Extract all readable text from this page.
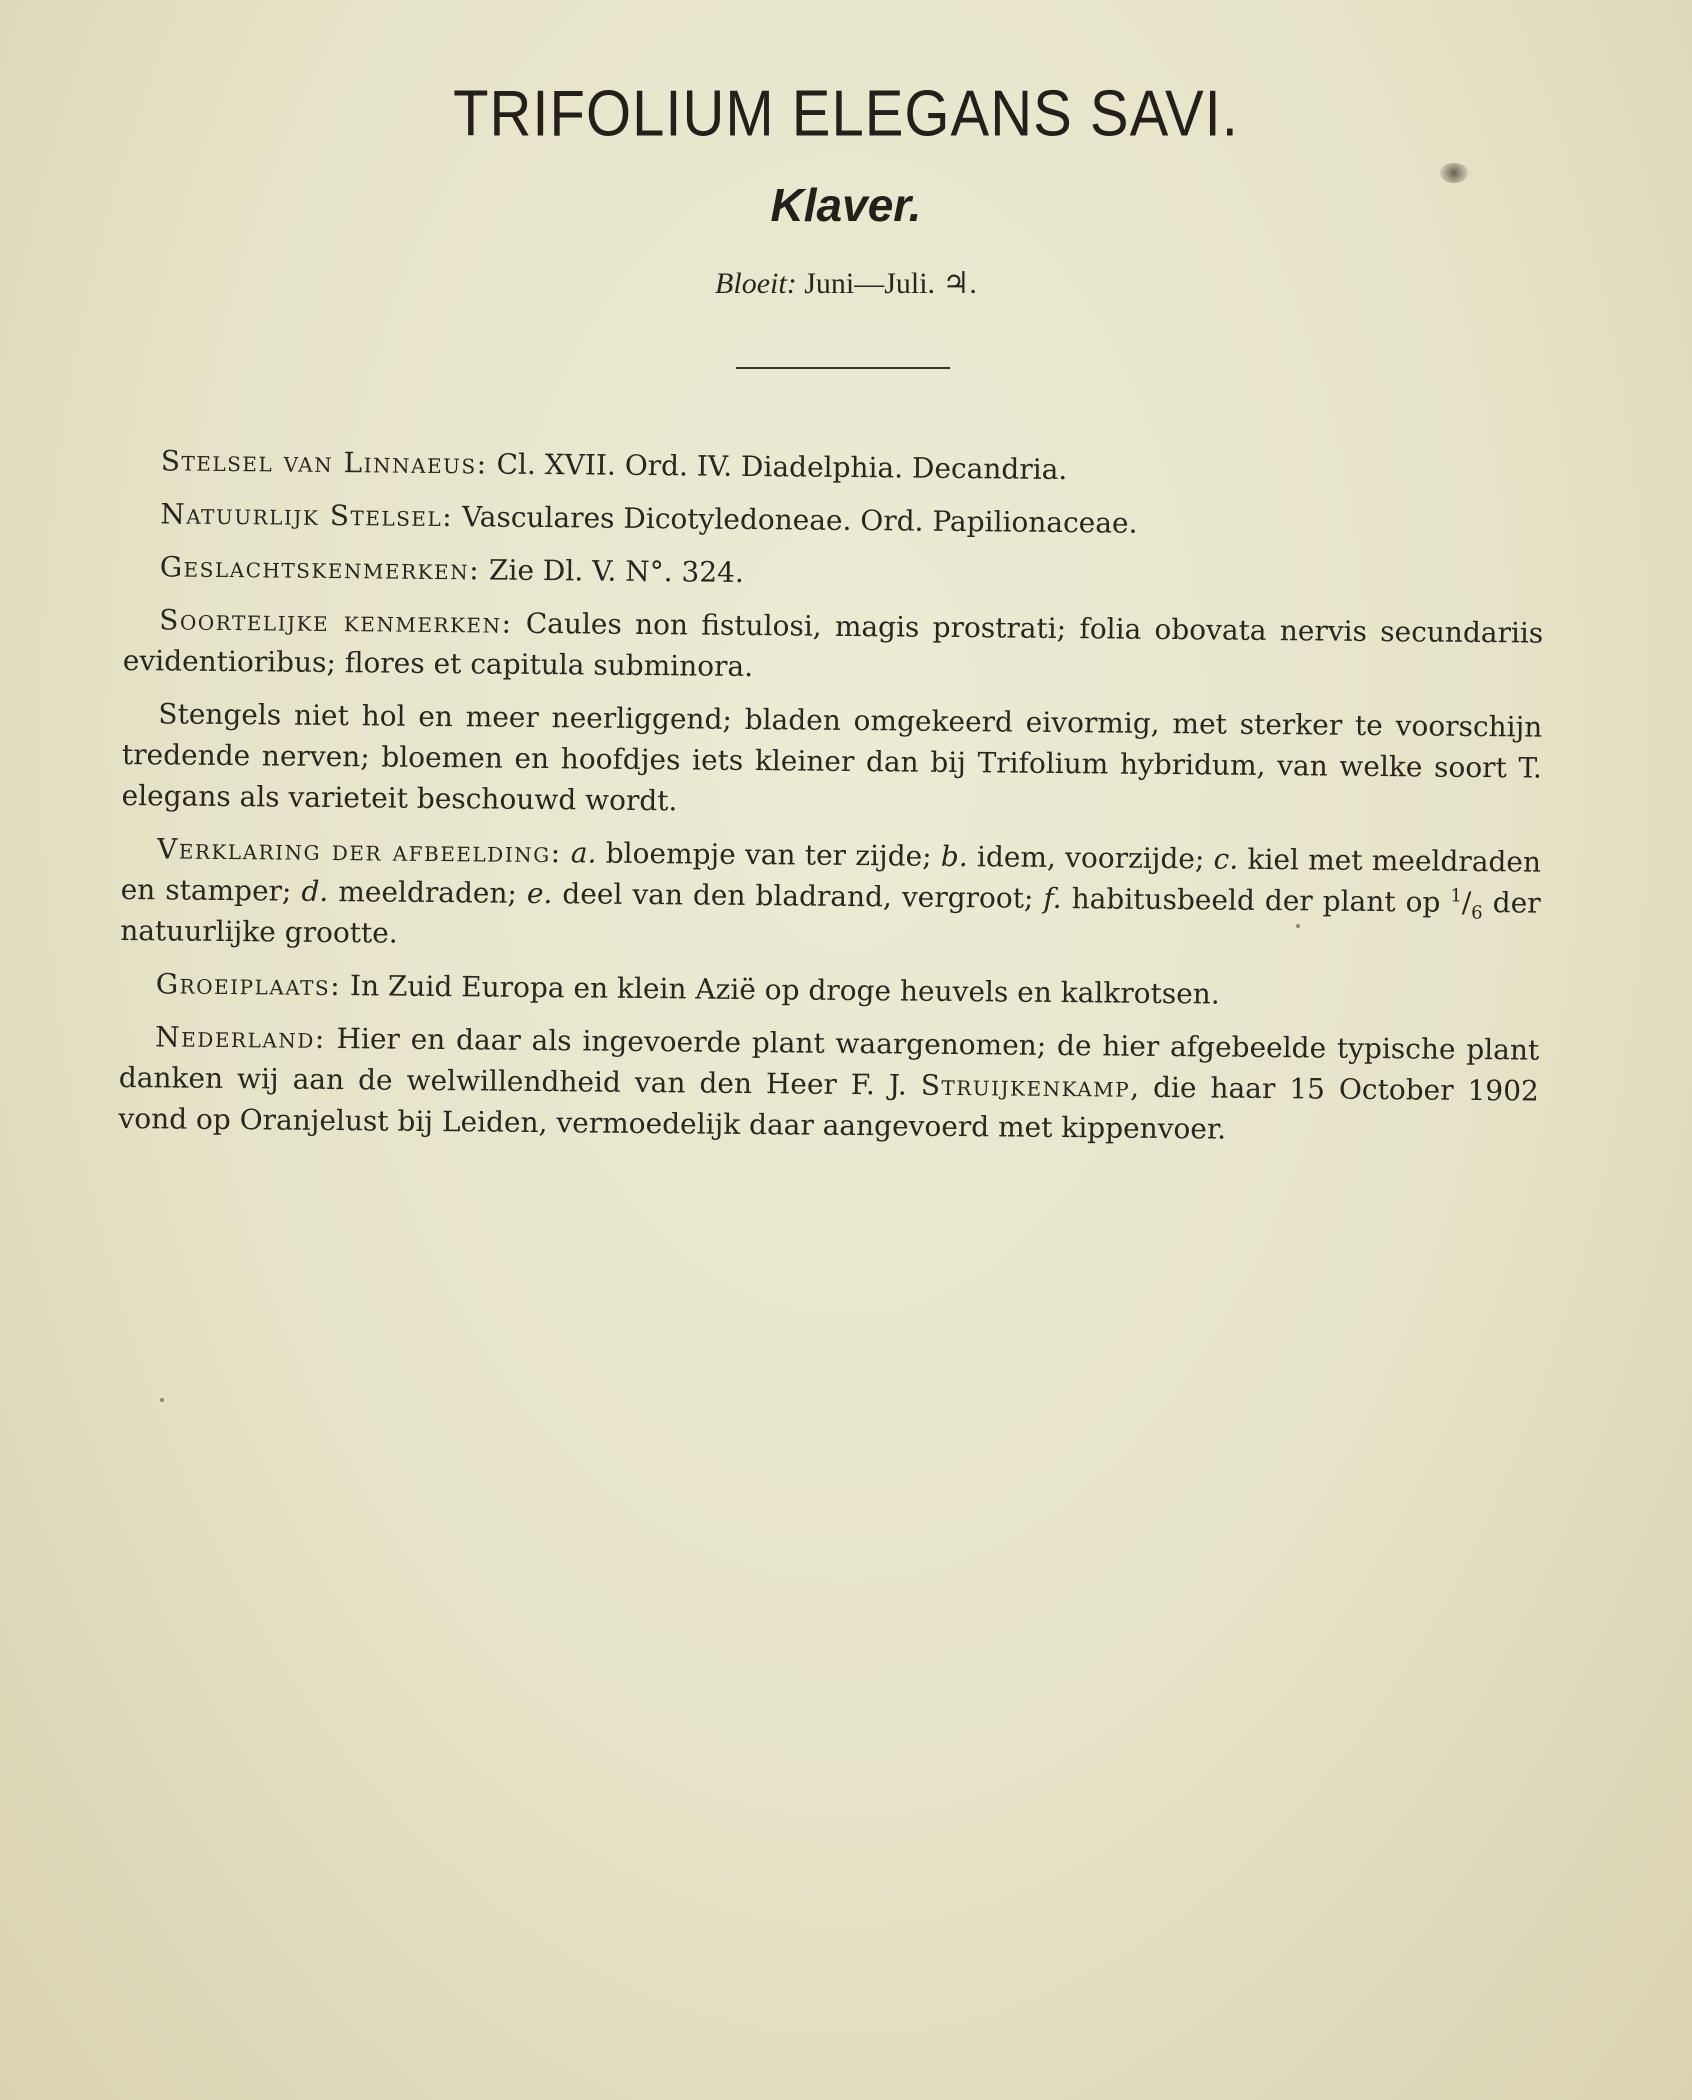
TRIFOLIUM ELEGANS SAVI.
Klaver.
Bloeit: Juni—Juli. ♃.

Stelsel van Linnaeus: Cl. XVII. Ord. IV. Diadelphia. Decandria.

Natuurlijk Stelsel: Vasculares Dicotyledoneae. Ord. Papilionaceae.

Geslachtskenmerken: Zie Dl. V. N°. 324.

Soortelijke kenmerken: Caules non fistulosi, magis prostrati; folia obovata nervis secundariis evidentioribus; flores et capitula subminora.

Stengels niet hol en meer neerliggend; bladen omgekeerd eivormig, met sterker te voorschijn tredende nerven; bloemen en hoofdjes iets kleiner dan bij Trifolium hybridum, van welke soort T. elegans als varieteit beschouwd wordt.

Verklaring der afbeelding: a. bloempje van ter zijde; b. idem, voorzijde; c. kiel met meeldraden en stamper; d. meeldraden; e. deel van den bladrand, vergroot; f. habitusbeeld der plant op $^1/_6$ der natuurlijke grootte.

Groeiplaats: In Zuid Europa en klein Azië op droge heuvels en kalkrotsen.

Nederland: Hier en daar als ingevoerde plant waargenomen; de hier afgebeelde typische plant danken wij aan de welwillendheid van den Heer F. J. Struijkenkamp, die haar 15 October 1902 vond op Oranjelust bij Leiden, vermoedelijk daar aangevoerd met kippenvoer.
